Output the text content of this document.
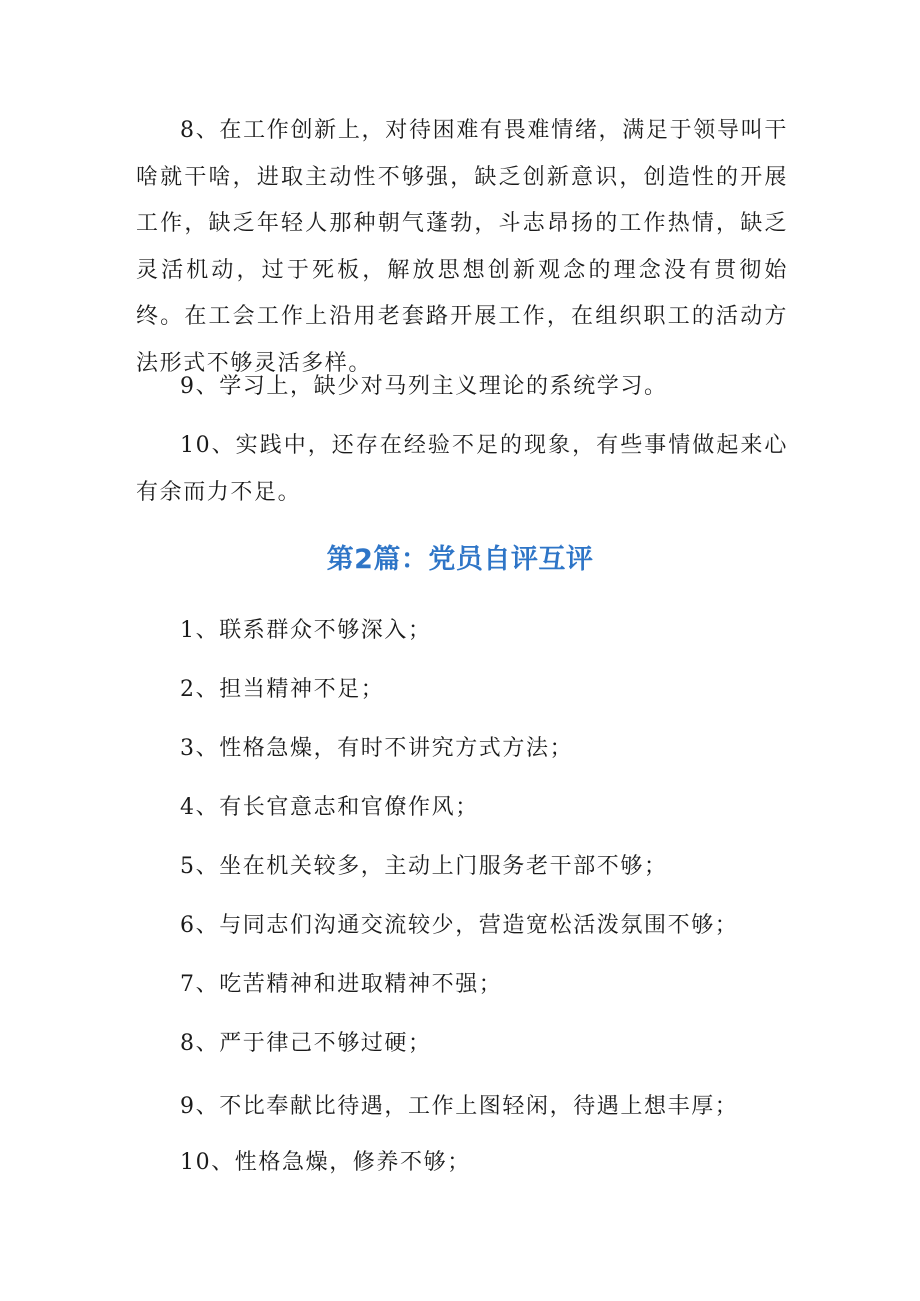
8、在工作创新上，对待困难有畏难情绪，满足于领导叫干啥就干啥，进取主动性不够强，缺乏创新意识，创造性的开展工作，缺乏年轻人那种朝气蓬勃，斗志昂扬的工作热情，缺乏灵活机动，过于死板，解放思想创新观念的理念没有贯彻始终。在工会工作上沿用老套路开展工作，在组织职工的活动方法形式不够灵活多样。

9、学习上，缺少对马列主义理论的系统学习。

10、实践中，还存在经验不足的现象，有些事情做起来心有余而力不足。

第2篇：党员自评互评

1、联系群众不够深入；

2、担当精神不足；

3、性格急燥，有时不讲究方式方法；

4、有长官意志和官僚作风；

5、坐在机关较多，主动上门服务老干部不够；

6、与同志们沟通交流较少，营造宽松活泼氛围不够；

7、吃苦精神和进取精神不强；

8、严于律己不够过硬；

9、不比奉献比待遇，工作上图轻闲，待遇上想丰厚；

10、性格急燥，修养不够；
